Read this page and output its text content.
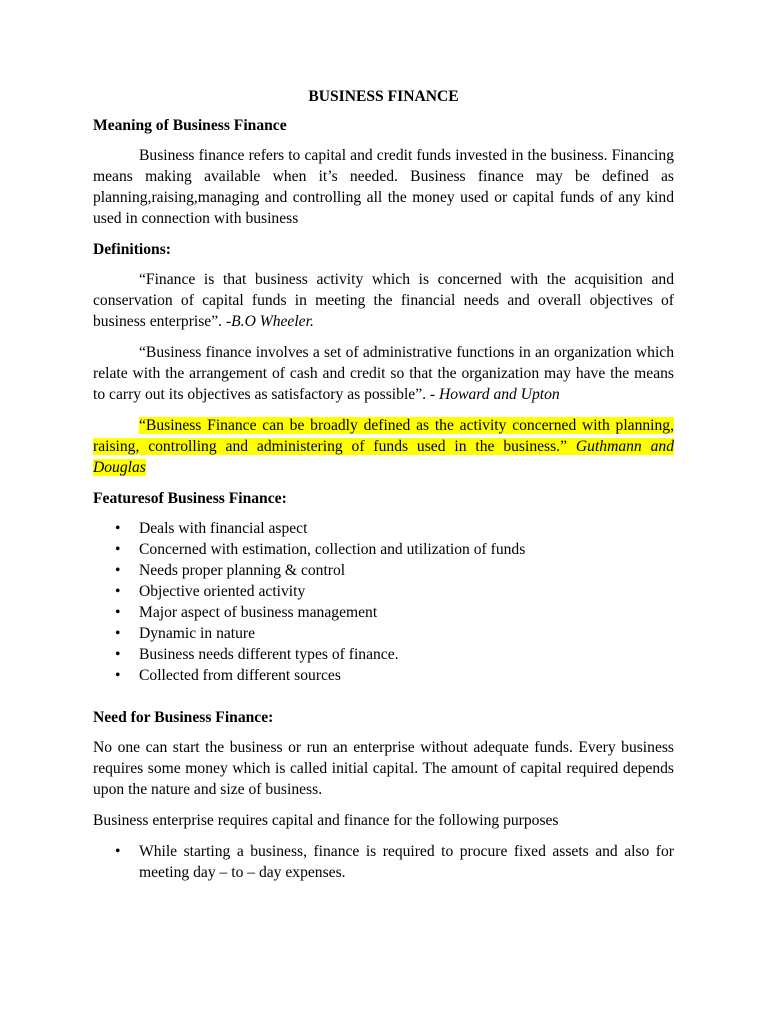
BUSINESS FINANCE

Meaning of Business Finance

Business finance refers to capital and credit funds invested in the business. Financing means making available when it’s needed. Business finance may be defined as planning,raising,managing and controlling all the money used or capital funds of any kind used in connection with business

Definitions:

“Finance is that business activity which is concerned with the acquisition and conservation of capital funds in meeting the financial needs and overall objectives of business enterprise”. -B.O Wheeler.

“Business finance involves a set of administrative functions in an organization which relate with the arrangement of cash and credit so that the organization may have the means to carry out its objectives as satisfactory as possible”. - Howard and Upton

“Business Finance can be broadly defined as the activity concerned with planning, raising, controlling and administering of funds used in the business.” Guthmann and Douglas

Featuresof Business Finance:

• Deals with financial aspect
• Concerned with estimation, collection and utilization of funds
• Needs proper planning & control
• Objective oriented activity
• Major aspect of business management
• Dynamic in nature
• Business needs different types of finance.
• Collected from different sources

Need for Business Finance:

No one can start the business or run an enterprise without adequate funds. Every business requires some money which is called initial capital. The amount of capital required depends upon the nature and size of business.

Business enterprise requires capital and finance for the following purposes

• While starting a business, finance is required to procure fixed assets and also for meeting day – to – day expenses.
